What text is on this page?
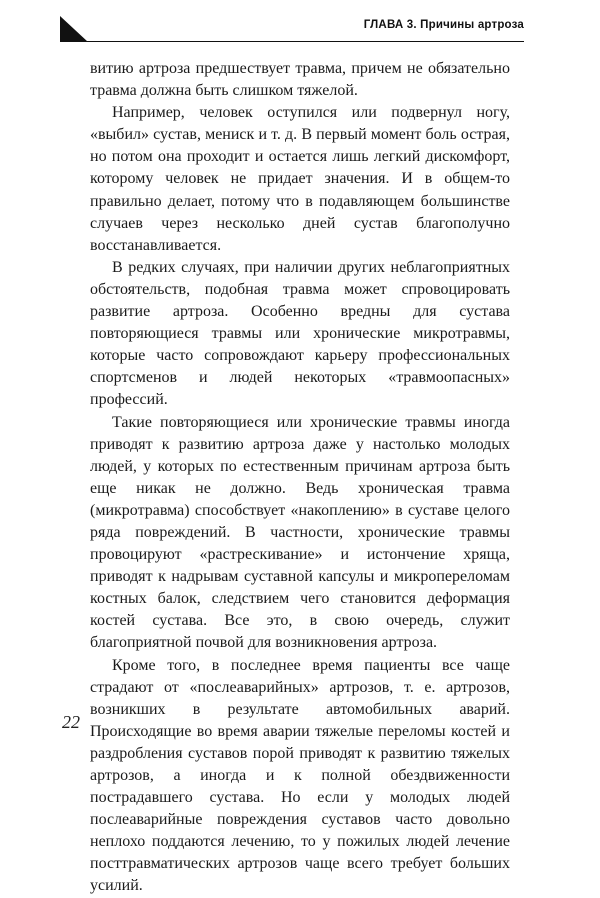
ГЛАВА 3. Причины артроза

витию артроза предшествует травма, причем не обязательно травма должна быть слишком тяжелой.

Например, человек оступился или подвернул ногу, «выбил» сустав, мениск и т. д. В первый момент боль острая, но потом она проходит и остается лишь легкий дискомфорт, которому человек не придает значения. И в общем-то правильно делает, потому что в подавляющем большинстве случаев через несколько дней сустав благополучно восстанавливается.

В редких случаях, при наличии других неблагоприятных обстоятельств, подобная травма может спровоцировать развитие артроза. Особенно вредны для сустава повторяющиеся травмы или хронические микротравмы, которые часто сопровождают карьеру профессиональных спортсменов и людей некоторых «травмоопасных» профессий.

Такие повторяющиеся или хронические травмы иногда приводят к развитию артроза даже у настолько молодых людей, у которых по естественным причинам артроза быть еще никак не должно. Ведь хроническая травма (микротравма) способствует «накоплению» в суставе целого ряда повреждений. В частности, хронические травмы провоцируют «растрескивание» и истончение хряща, приводят к надрывам суставной капсулы и микропереломам костных балок, следствием чего становится деформация костей сустава. Все это, в свою очередь, служит благоприятной почвой для возникновения артроза.

Кроме того, в последнее время пациенты все чаще страдают от «послеаварийных» артрозов, т. е. артрозов, возникших в результате автомобильных аварий. Происходящие во время аварии тяжелые переломы костей и раздробления суставов порой приводят к развитию тяжелых артрозов, а иногда и к полной обездвиженности пострадавшего сустава. Но если у молодых людей послеаварийные повреждения суставов часто довольно неплохо поддаются лечению, то у пожилых людей лечение посттравматических артрозов чаще всего требует больших усилий.

22
